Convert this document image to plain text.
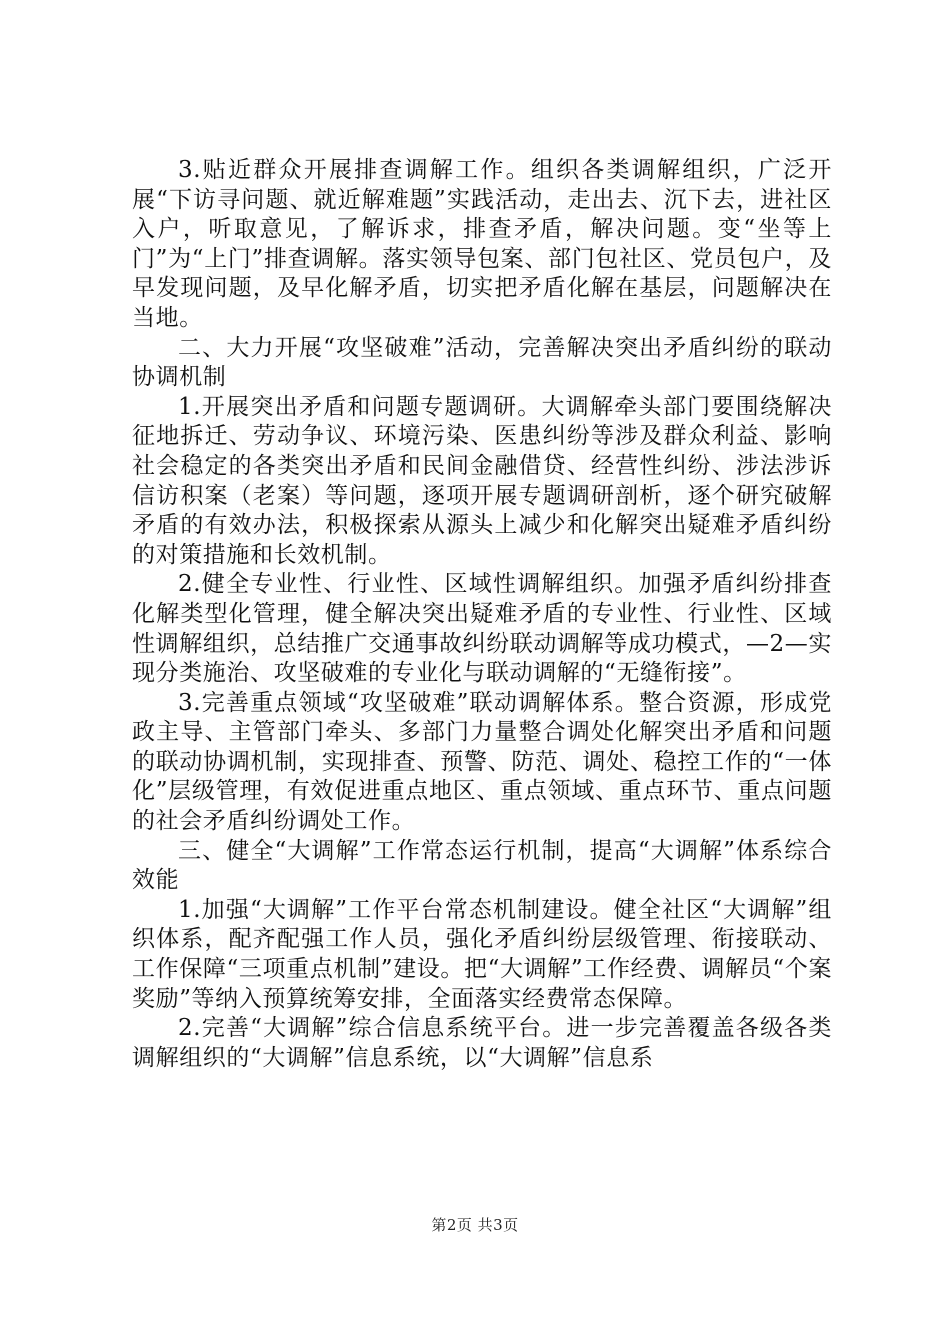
3.贴近群众开展排查调解工作。组织各类调解组织，广泛开展“下访寻问题、就近解难题”实践活动，走出去、沉下去，进社区入户，听取意见，了解诉求，排查矛盾，解决问题。变“坐等上门”为“上门”排查调解。落实领导包案、部门包社区、党员包户，及早发现问题，及早化解矛盾，切实把矛盾化解在基层，问题解决在当地。

二、大力开展“攻坚破难”活动，完善解决突出矛盾纠纷的联动协调机制

1.开展突出矛盾和问题专题调研。大调解牵头部门要围绕解决征地拆迁、劳动争议、环境污染、医患纠纷等涉及群众利益、影响社会稳定的各类突出矛盾和民间金融借贷、经营性纠纷、涉法涉诉信访积案（老案）等问题，逐项开展专题调研剖析，逐个研究破解矛盾的有效办法，积极探索从源头上减少和化解突出疑难矛盾纠纷的对策措施和长效机制。

2.健全专业性、行业性、区域性调解组织。加强矛盾纠纷排查化解类型化管理，健全解决突出疑难矛盾的专业性、行业性、区域性调解组织，总结推广交通事故纠纷联动调解等成功模式，—2—实现分类施治、攻坚破难的专业化与联动调解的“无缝衔接”。

3.完善重点领域“攻坚破难”联动调解体系。整合资源，形成党政主导、主管部门牵头、多部门力量整合调处化解突出矛盾和问题的联动协调机制，实现排查、预警、防范、调处、稳控工作的“一体化”层级管理，有效促进重点地区、重点领域、重点环节、重点问题的社会矛盾纠纷调处工作。

三、健全“大调解”工作常态运行机制，提高“大调解”体系综合效能

1.加强“大调解”工作平台常态机制建设。健全社区“大调解”组织体系，配齐配强工作人员，强化矛盾纠纷层级管理、衔接联动、工作保障“三项重点机制”建设。把“大调解”工作经费、调解员“个案奖励”等纳入预算统筹安排，全面落实经费常态保障。

2.完善“大调解”综合信息系统平台。进一步完善覆盖各级各类调解组织的“大调解”信息系统，以“大调解”信息系

第2页 共3页
